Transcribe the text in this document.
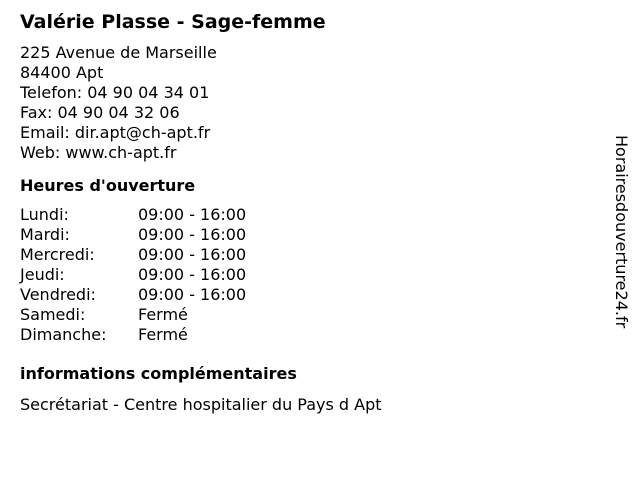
Valérie Plasse - Sage-femme
225 Avenue de Marseille
84400 Apt
Telefon: 04 90 04 34 01
Fax: 04 90 04 32 06
Email: dir.apt@ch-apt.fr
Web: www.ch-apt.fr
Heures d'ouverture
Lundi:	09:00 - 16:00
Mardi:	09:00 - 16:00
Mercredi:	09:00 - 16:00
Jeudi:	09:00 - 16:00
Vendredi:	09:00 - 16:00
Samedi:	Fermé
Dimanche:	Fermé
informations complémentaires
Secrétariat - Centre hospitalier du Pays d Apt
Horairesdouverture24.fr
